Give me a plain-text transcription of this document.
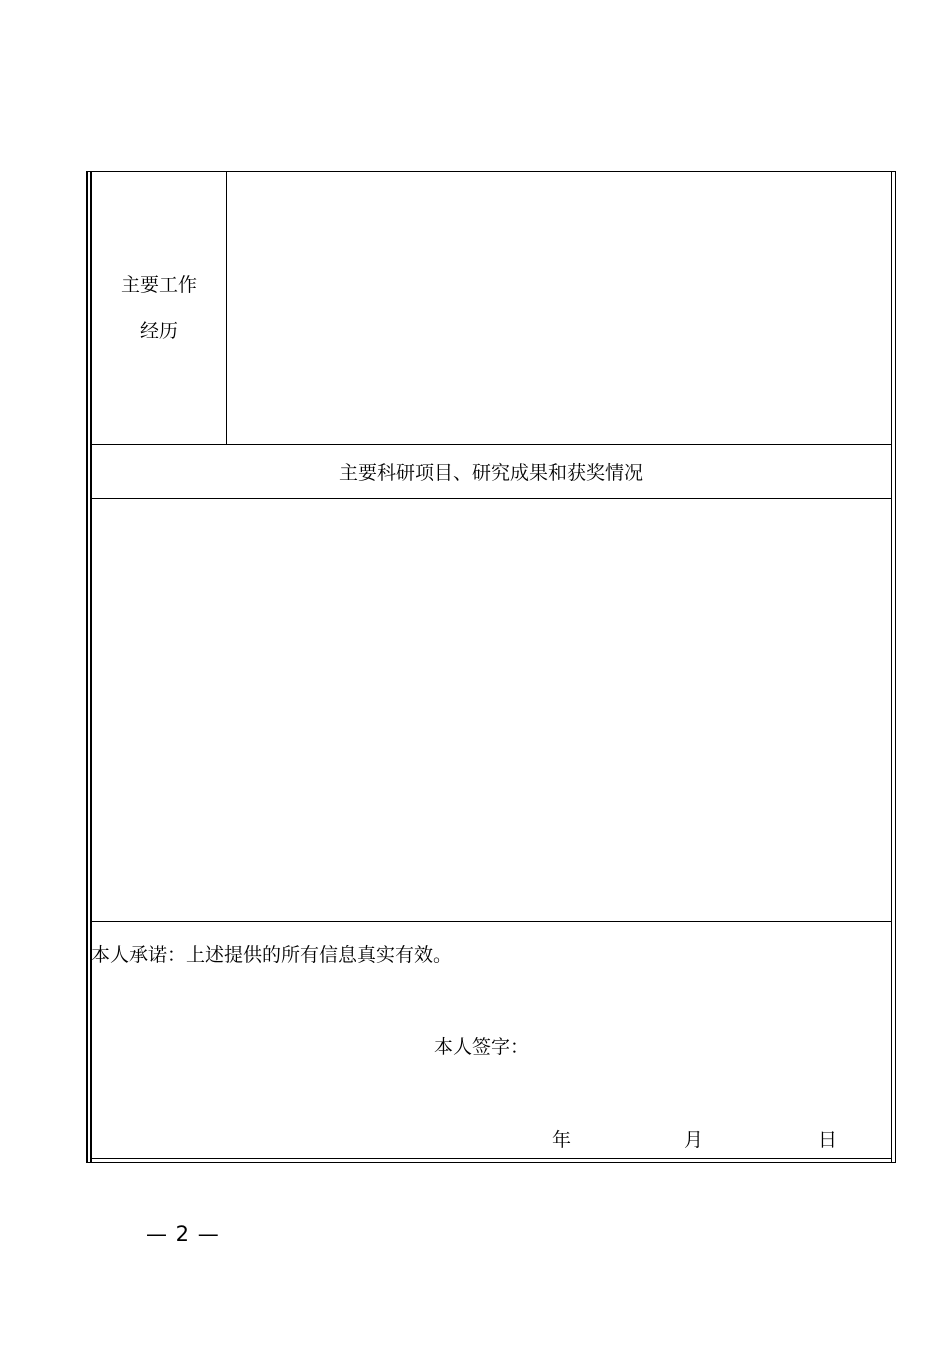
主要工作
经历
主要科研项目、研究成果和获奖情况
本人承诺：上述提供的所有信息真实有效。
本人签字：
年	月	日
— 2 —
